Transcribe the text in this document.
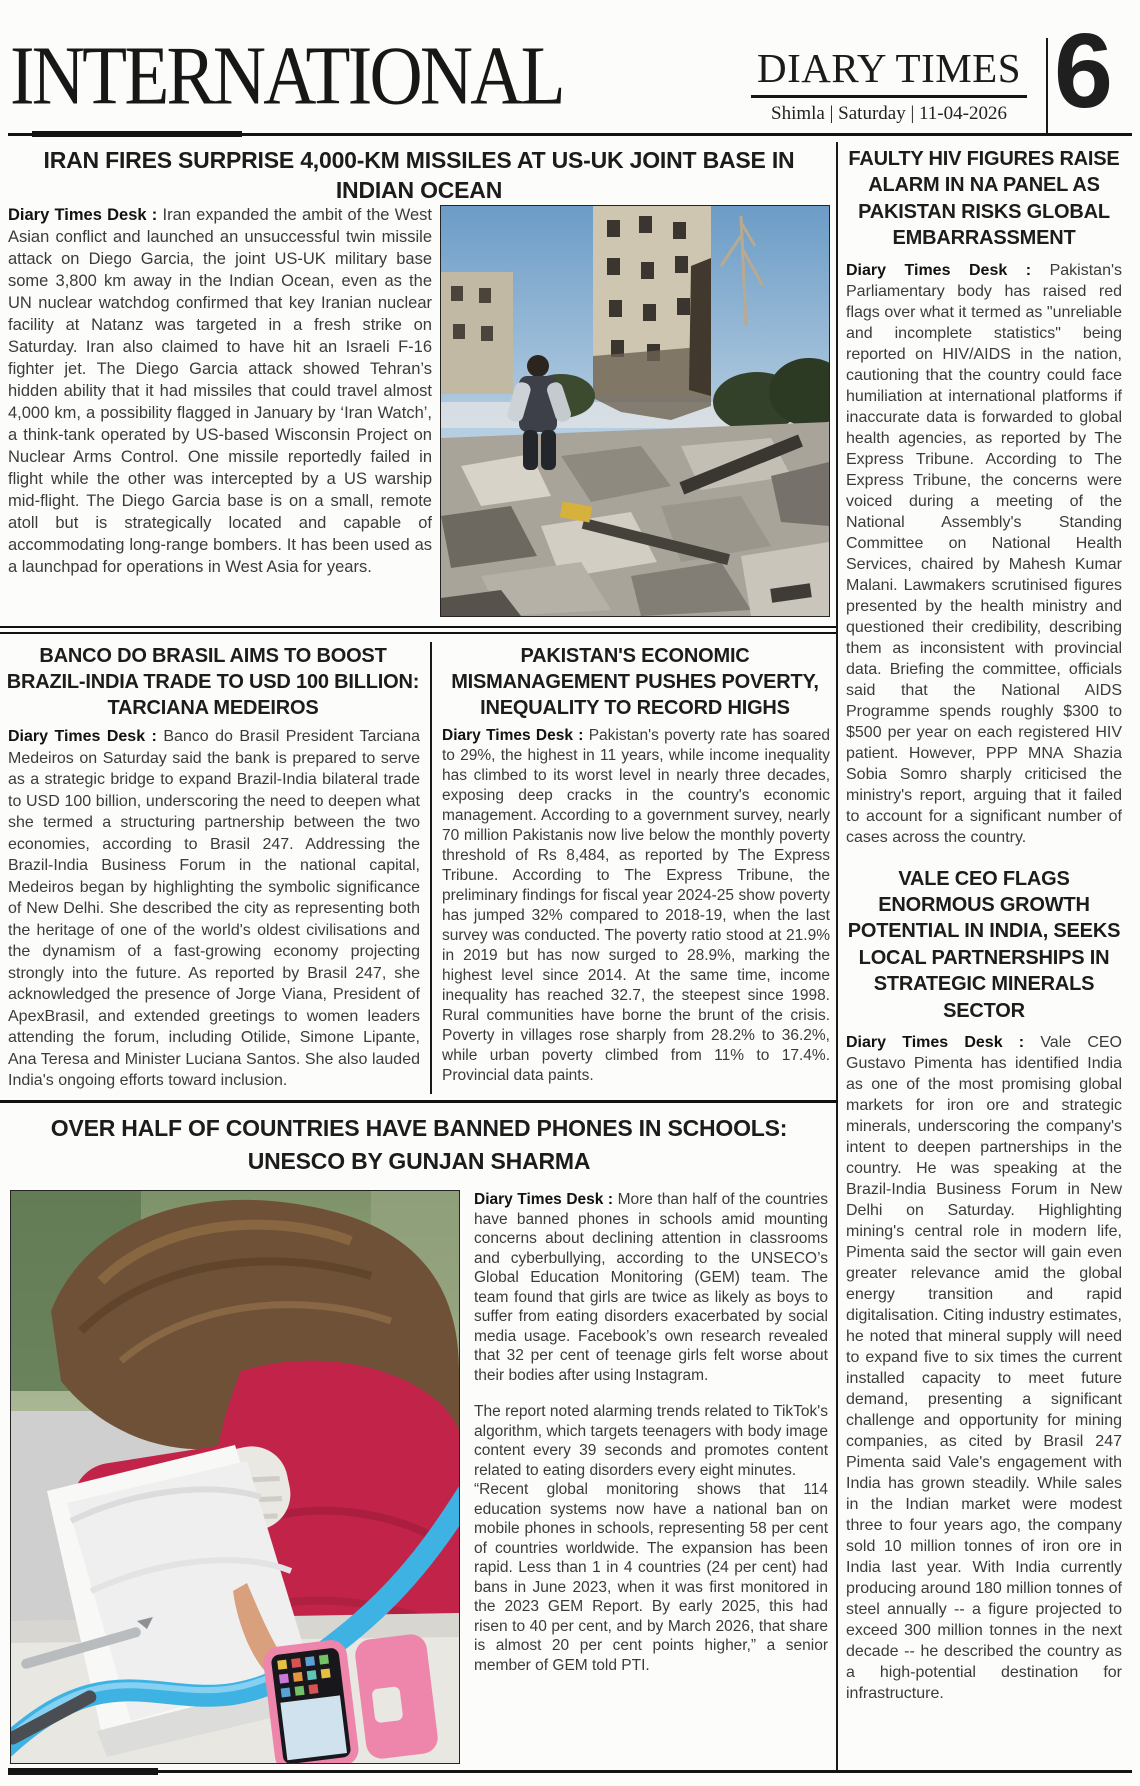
INTERNATIONAL	DIARY TIMES
Shimla | Saturday | 11-04-2026 6
IRAN FIRES SURPRISE 4,000-KM MISSILES AT US-UK JOINT BASE IN INDIAN OCEAN
Diary Times Desk : Iran expanded the ambit of the West Asian conflict and launched an unsuccessful twin missile attack on Diego Garcia, the joint US-UK military base some 3,800 km away in the Indian Ocean, even as the UN nuclear watchdog confirmed that key Iranian nuclear facility at Natanz was targeted in a fresh strike on Saturday. Iran also claimed to have hit an Israeli F-16 fighter jet. The Diego Garcia attack showed Tehran’s hidden ability that it had missiles that could travel almost 4,000 km, a possibility flagged in January by ‘Iran Watch’, a think-tank operated by US-based Wisconsin Project on Nuclear Arms Control. One missile reportedly failed in flight while the other was intercepted by a US warship mid-flight. The Diego Garcia base is on a small, remote atoll but is strategically located and capable of accommodating long-range bombers. It has been used as a launchpad for operations in West Asia for years.
BANCO DO BRASIL AIMS TO BOOST BRAZIL-INDIA TRADE TO USD 100 BILLION: TARCIANA MEDEIROS
Diary Times Desk : Banco do Brasil President Tarciana Medeiros on Saturday said the bank is prepared to serve as a strategic bridge to expand Brazil-India bilateral trade to USD 100 billion, underscoring the need to deepen what she termed a structuring partnership between the two economies, according to Brasil 247. Addressing the Brazil-India Business Forum in the national capital, Medeiros began by highlighting the symbolic significance of New Delhi. She described the city as representing both the heritage of one of the world's oldest civilisations and the dynamism of a fast-growing economy projecting strongly into the future. As reported by Brasil 247, she acknowledged the presence of Jorge Viana, President of ApexBrasil, and extended greetings to women leaders attending the forum, including Otilide, Simone Lipante, Ana Teresa and Minister Luciana Santos. She also lauded India's ongoing efforts toward inclusion.
PAKISTAN'S ECONOMIC MISMANAGEMENT PUSHES POVERTY, INEQUALITY TO RECORD HIGHS
Diary Times Desk : Pakistan's poverty rate has soared to 29%, the highest in 11 years, while income inequality has climbed to its worst level in nearly three decades, exposing deep cracks in the country's economic management. According to a government survey, nearly 70 million Pakistanis now live below the monthly poverty threshold of Rs 8,484, as reported by The Express Tribune. According to The Express Tribune, the preliminary findings for fiscal year 2024-25 show poverty has jumped 32% compared to 2018-19, when the last survey was conducted. The poverty ratio stood at 21.9% in 2019 but has now surged to 28.9%, marking the highest level since 2014. At the same time, income inequality has reached 32.7, the steepest since 1998. Rural communities have borne the brunt of the crisis. Poverty in villages rose sharply from 28.2% to 36.2%, while urban poverty climbed from 11% to 17.4%. Provincial data paints.
OVER HALF OF COUNTRIES HAVE BANNED PHONES IN SCHOOLS: UNESCO BY GUNJAN SHARMA

Diary Times Desk : More than half of the countries have banned phones in schools amid mounting concerns about declining attention in classrooms and cyberbullying, according to the UNSECO’s Global Education Monitoring (GEM) team. The team found that girls are twice as likely as boys to suffer from eating disorders exacerbated by social media usage. Facebook’s own research revealed that 32 per cent of teenage girls felt worse about their bodies after using Instagram.

The report noted alarming trends related to TikTok's algorithm, which targets teenagers with body image content every 39 seconds and promotes content related to eating disorders every eight minutes.

“Recent global monitoring shows that 114 education systems now have a national ban on mobile phones in schools, representing 58 per cent of countries worldwide. The expansion has been rapid. Less than 1 in 4 countries (24 per cent) had bans in June 2023, when it was first monitored in the 2023 GEM Report. By early 2025, this had risen to 40 per cent, and by March 2026, that share is almost 20 per cent points higher,” a senior member of GEM told PTI.

FAULTY HIV FIGURES RAISE ALARM IN NA PANEL AS PAKISTAN RISKS GLOBAL EMBARRASSMENT
Diary Times Desk : Pakistan's Parliamentary body has raised red flags over what it termed as "unreliable and incomplete statistics" being reported on HIV/AIDS in the nation, cautioning that the country could face humiliation at international platforms if inaccurate data is forwarded to global health agencies, as reported by The Express Tribune. According to The Express Tribune, the concerns were voiced during a meeting of the National Assembly's Standing Committee on National Health Services, chaired by Mahesh Kumar Malani. Lawmakers scrutinised figures presented by the health ministry and questioned their credibility, describing them as inconsistent with provincial data. Briefing the committee, officials said that the National AIDS Programme spends roughly $300 to $500 per year on each registered HIV patient. However, PPP MNA Shazia Sobia Somro sharply criticised the ministry's report, arguing that it failed to account for a significant number of cases across the country.
VALE CEO FLAGS ENORMOUS GROWTH POTENTIAL IN INDIA, SEEKS LOCAL PARTNERSHIPS IN STRATEGIC MINERALS SECTOR
Diary Times Desk : Vale CEO Gustavo Pimenta has identified India as one of the most promising global markets for iron ore and strategic minerals, underscoring the company's intent to deepen partnerships in the country. He was speaking at the Brazil-India Business Forum in New Delhi on Saturday. Highlighting mining's central role in modern life, Pimenta said the sector will gain even greater relevance amid the global energy transition and rapid digitalisation. Citing industry estimates, he noted that mineral supply will need to expand five to six times the current installed capacity to meet future demand, presenting a significant challenge and opportunity for mining companies, as cited by Brasil 247 Pimenta said Vale's engagement with India has grown steadily. While sales in the Indian market were modest three to four years ago, the company sold 10 million tonnes of iron ore in India last year. With India currently producing around 180 million tonnes of steel annually -- a figure projected to exceed 300 million tonnes in the next decade -- he described the country as a high-potential destination for infrastructure.
